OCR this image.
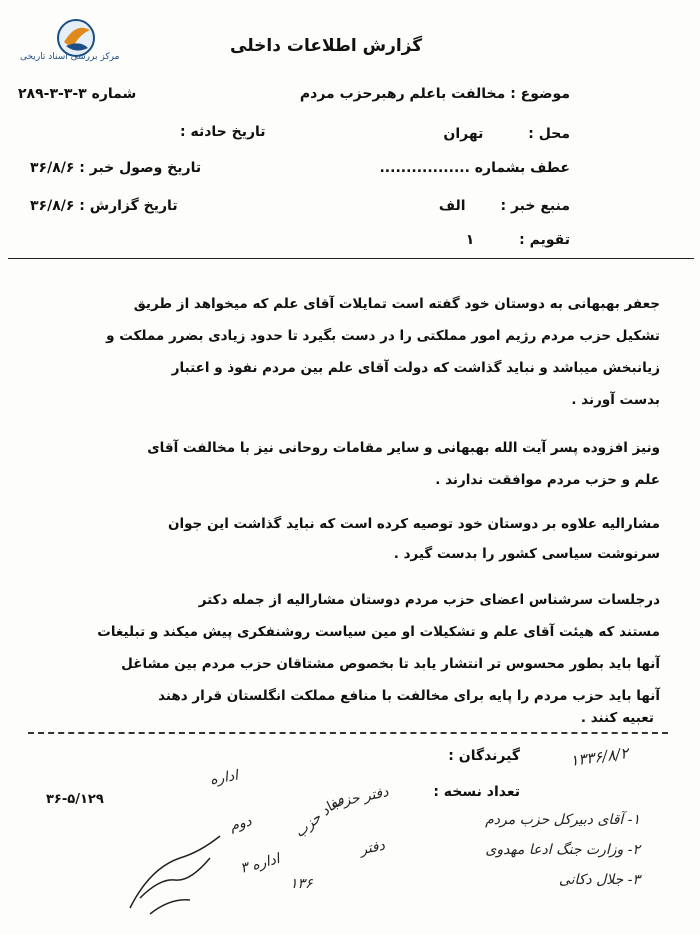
مرکز بررسی اسناد تاریخی
گزارش اطلاعات داخلی
موضوع : مخالفت باعلم رهبرحزب مردم
شماره ۳-۳-۳-۲۸۹
محل : تهران
تاریخ حادثه :
عطف بشماره .................
تاریخ وصول خبر : ۳۶/۸/۶
منبع خبر : الف
تاریخ گزارش : ۳۶/۸/۶
تقویم : ۱
جعفر بهبهانی به دوستان خود گفته است تمایلات آقای علم که میخواهد از طریق
تشکیل حزب مردم رژیم امور مملکتی را در دست بگیرد تا حدود زیادی بضرر مملکت و
زیانبخش میباشد و نباید گذاشت که دولت آقای علم بین مردم نفوذ و اعتبار
بدست آورند .
ونیز افزوده پسر آیت الله بهبهانی و سایر مقامات روحانی نیز با مخالفت آقای
علم و حزب مردم موافقت ندارند .
مشارالیه علاوه بر دوستان خود توصیه کرده است که نباید گذاشت این جوان
سرنوشت سیاسی کشور را بدست گیرد .
درجلسات سرشناس اعضای حزب مردم دوستان مشارالیه از جمله دکتر
مستند که هیئت آقای علم و تشکیلات او مین سیاست روشنفکری پیش میکند و تبلیغات
آنها باید بطور محسوس تر انتشار یابد تا بخصوص مشتاقان حزب مردم بین مشاغل
آنها باید حزب مردم را پایه برای مخالفت با منافع مملکت انگلستان قرار دهند
تعبیه کنند .
گیرندگان :
تعداد نسخه :
۱- آقای دبیرکل حزب مردم
۲- وزارت جنگ ادعا مهدوی
۳- جلال دکانی
۱۳۳۶/۸/۲
دفتر حزب
اداره
دوم	مفاد حزب
دفتر
اداره ۳
۱۳۶
۳۶-۵/۱۲۹
